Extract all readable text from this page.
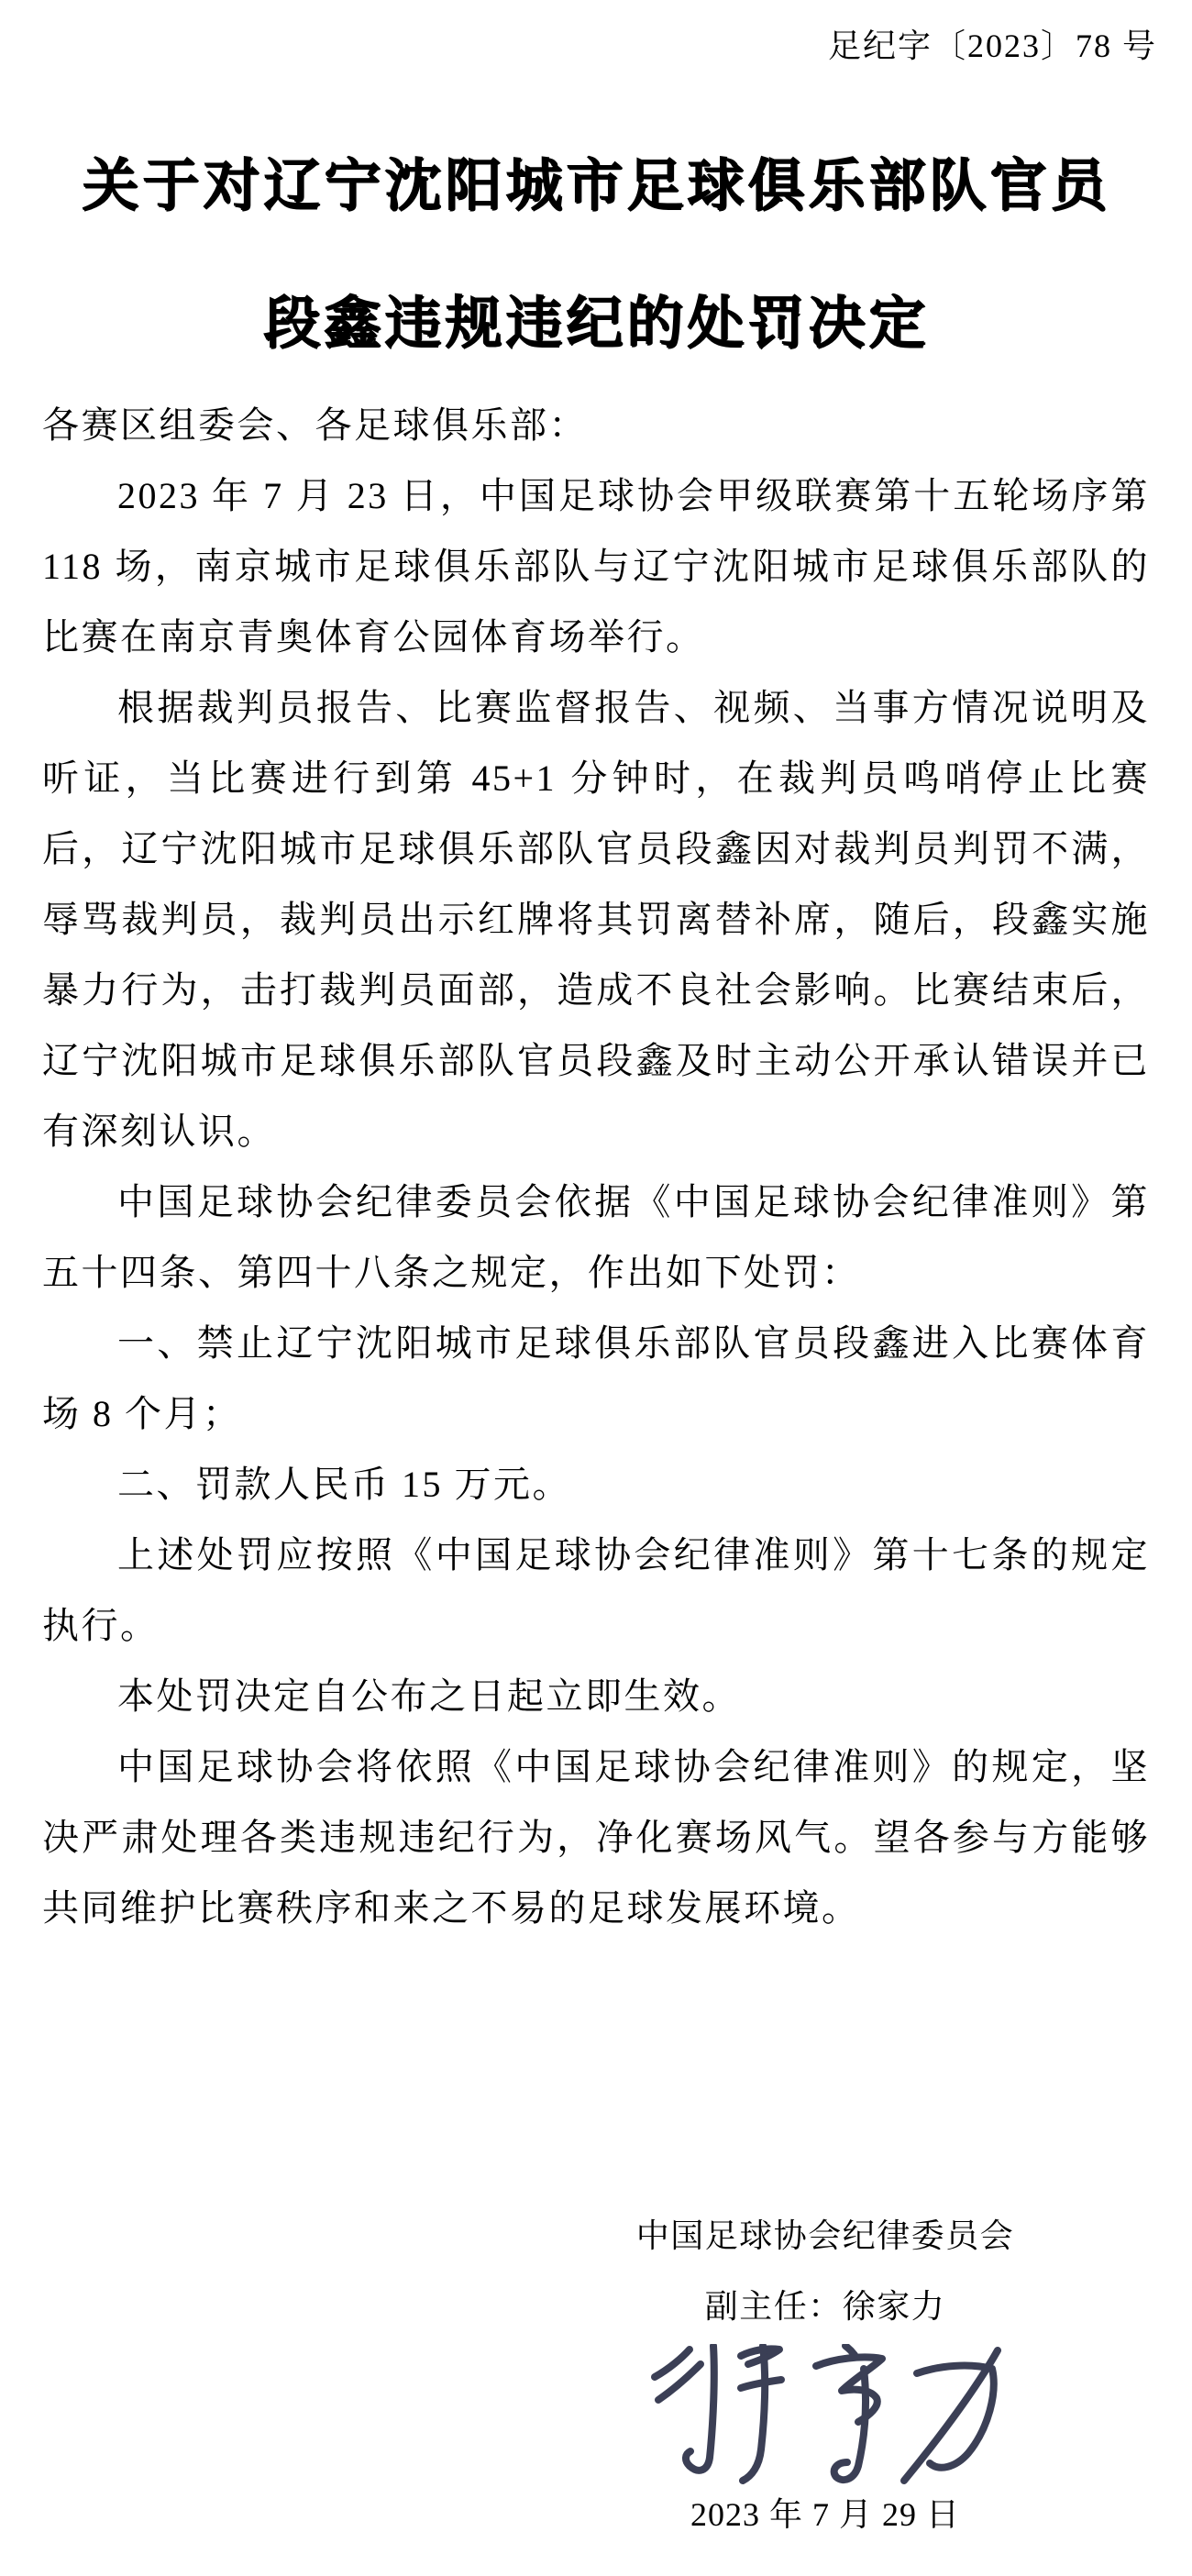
足纪字〔2023〕78 号
关于对辽宁沈阳城市足球俱乐部队官员
段鑫违规违纪的处罚决定

各赛区组委会、各足球俱乐部：

2023 年 7 月 23 日，中国足球协会甲级联赛第十五轮场序第 118 场，南京城市足球俱乐部队与辽宁沈阳城市足球俱乐部队的比赛在南京青奥体育公园体育场举行。

根据裁判员报告、比赛监督报告、视频、当事方情况说明及听证，当比赛进行到第 45+1 分钟时，在裁判员鸣哨停止比赛后，辽宁沈阳城市足球俱乐部队官员段鑫因对裁判员判罚不满，辱骂裁判员，裁判员出示红牌将其罚离替补席，随后，段鑫实施暴力行为，击打裁判员面部，造成不良社会影响。比赛结束后，辽宁沈阳城市足球俱乐部队官员段鑫及时主动公开承认错误并已有深刻认识。

中国足球协会纪律委员会依据《中国足球协会纪律准则》第五十四条、第四十八条之规定，作出如下处罚：

一、禁止辽宁沈阳城市足球俱乐部队官员段鑫进入比赛体育场 8 个月；

二、罚款人民币 15 万元。

上述处罚应按照《中国足球协会纪律准则》第十七条的规定执行。

本处罚决定自公布之日起立即生效。

中国足球协会将依照《中国足球协会纪律准则》的规定，坚决严肃处理各类违规违纪行为，净化赛场风气。望各参与方能够共同维护比赛秩序和来之不易的足球发展环境。

中国足球协会纪律委员会
副主任：徐家力
2023 年 7 月 29 日
